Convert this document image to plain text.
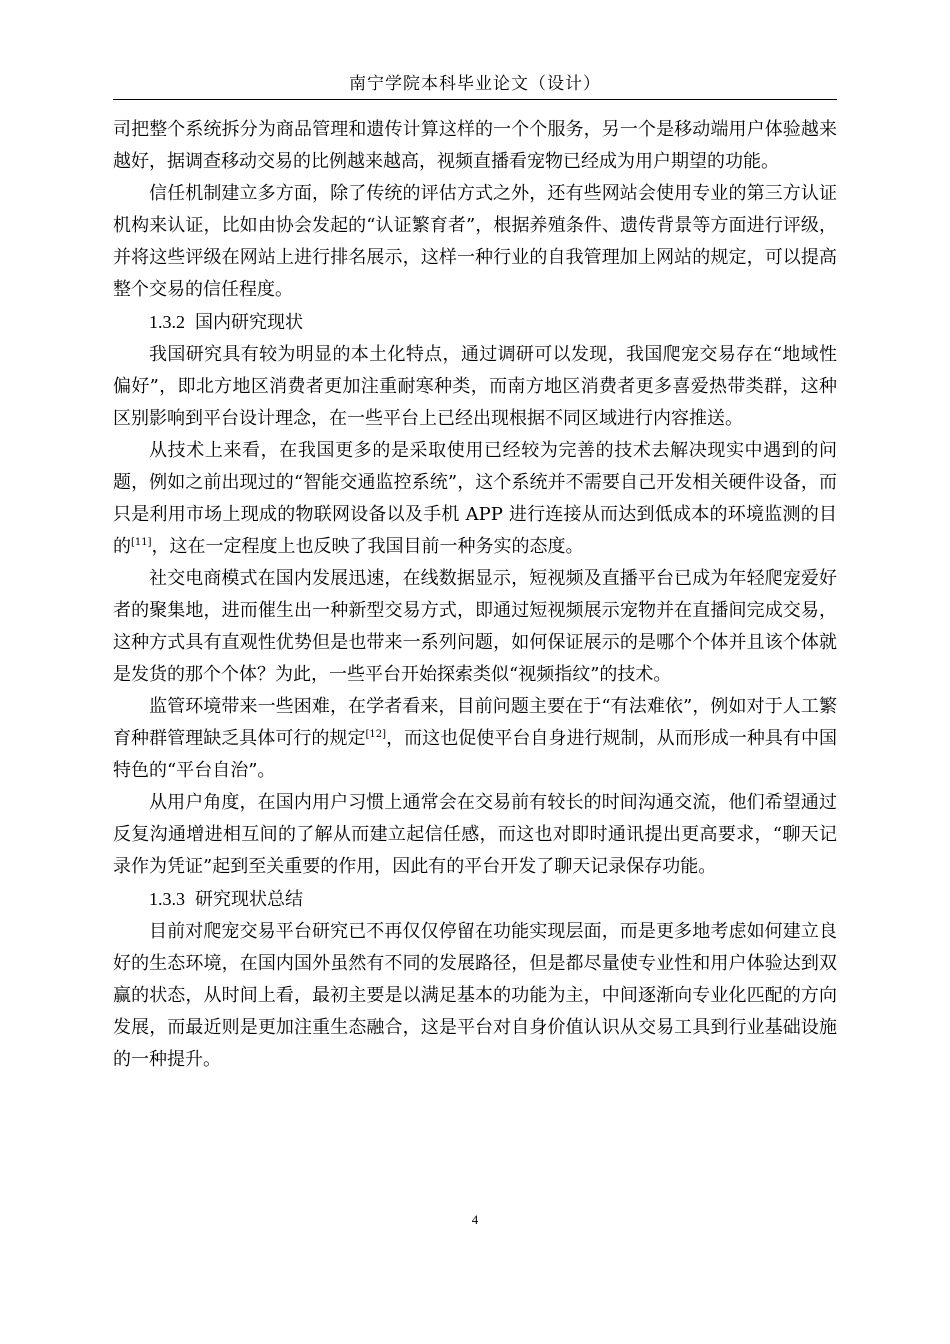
南宁学院本科毕业论文（设计）

司把整个系统拆分为商品管理和遗传计算这样的一个个服务，另一个是移动端用户体验越来越好，据调查移动交易的比例越来越高，视频直播看宠物已经成为用户期望的功能。

信任机制建立多方面，除了传统的评估方式之外，还有些网站会使用专业的第三方认证机构来认证，比如由协会发起的“认证繁育者”，根据养殖条件、遗传背景等方面进行评级，并将这些评级在网站上进行排名展示，这样一种行业的自我管理加上网站的规定，可以提高整个交易的信任程度。

1.3.2 国内研究现状

我国研究具有较为明显的本土化特点，通过调研可以发现，我国爬宠交易存在“地域性偏好”，即北方地区消费者更加注重耐寒种类，而南方地区消费者更多喜爱热带类群，这种区别影响到平台设计理念，在一些平台上已经出现根据不同区域进行内容推送。

从技术上来看，在我国更多的是采取使用已经较为完善的技术去解决现实中遇到的问题，例如之前出现过的“智能交通监控系统”，这个系统并不需要自己开发相关硬件设备，而只是利用市场上现成的物联网设备以及手机 APP 进行连接从而达到低成本的环境监测的目的[11]，这在一定程度上也反映了我国目前一种务实的态度。

社交电商模式在国内发展迅速，在线数据显示，短视频及直播平台已成为年轻爬宠爱好者的聚集地，进而催生出一种新型交易方式，即通过短视频展示宠物并在直播间完成交易，这种方式具有直观性优势但是也带来一系列问题，如何保证展示的是哪个个体并且该个体就是发货的那个个体？为此，一些平台开始探索类似“视频指纹”的技术。

监管环境带来一些困难，在学者看来，目前问题主要在于“有法难依”，例如对于人工繁育种群管理缺乏具体可行的规定[12]，而这也促使平台自身进行规制，从而形成一种具有中国特色的“平台自治”。

从用户角度，在国内用户习惯上通常会在交易前有较长的时间沟通交流，他们希望通过反复沟通增进相互间的了解从而建立起信任感，而这也对即时通讯提出更高要求，“聊天记录作为凭证”起到至关重要的作用，因此有的平台开发了聊天记录保存功能。

1.3.3 研究现状总结

目前对爬宠交易平台研究已不再仅仅停留在功能实现层面，而是更多地考虑如何建立良好的生态环境，在国内国外虽然有不同的发展路径，但是都尽量使专业性和用户体验达到双赢的状态，从时间上看，最初主要是以满足基本的功能为主，中间逐渐向专业化匹配的方向发展，而最近则是更加注重生态融合，这是平台对自身价值认识从交易工具到行业基础设施的一种提升。

4
